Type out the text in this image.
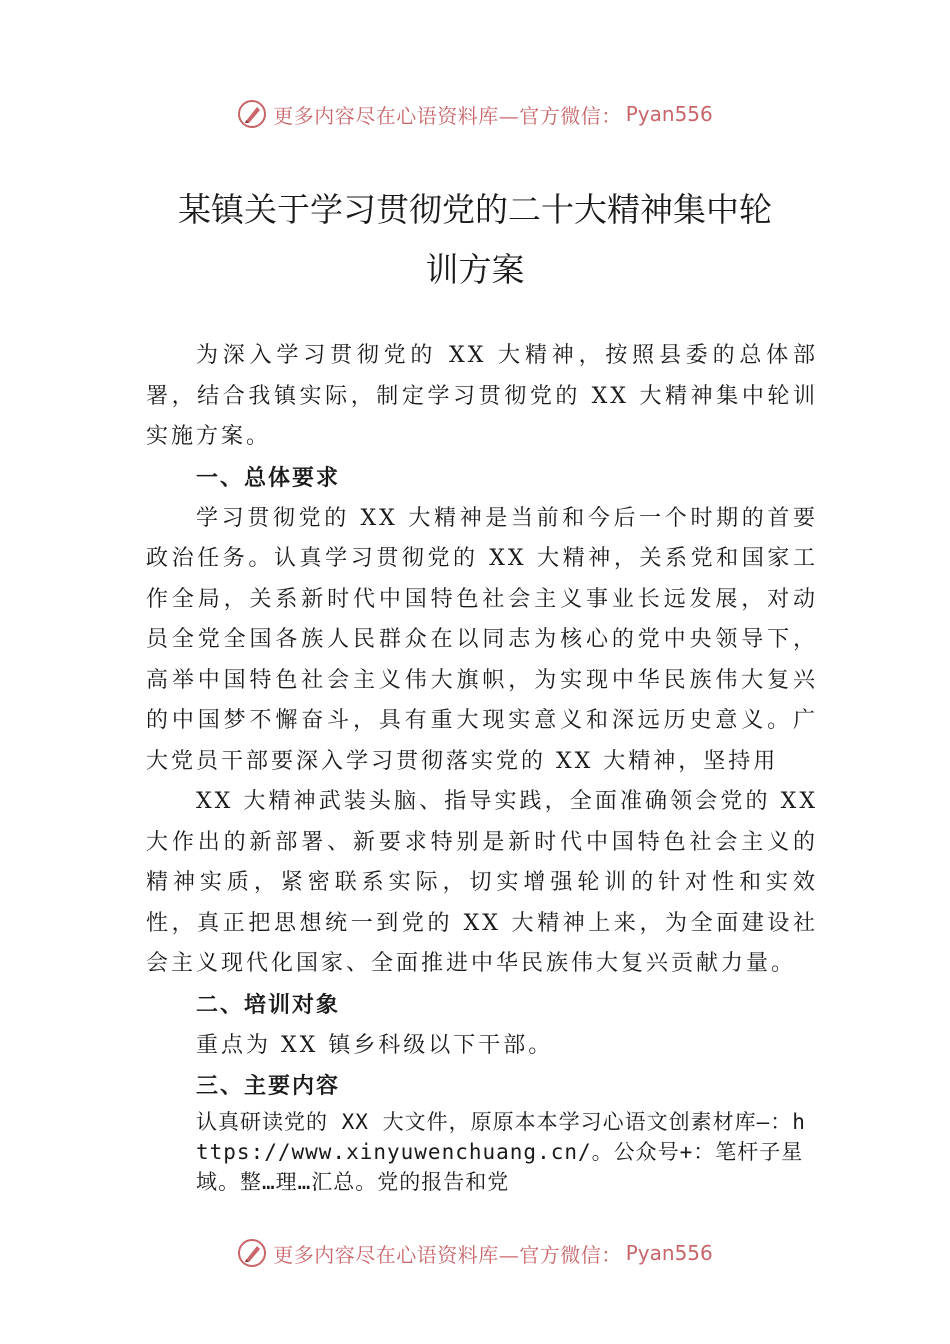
更多内容尽在心语资料库—官方微信： Pyan556
某镇关于学习贯彻党的二十大精神集中轮
训方案

为深入学习贯彻党的 XX 大精神，按照县委的总体部署，结合我镇实际，制定学习贯彻党的 XX 大精神集中轮训实施方案。

一、总体要求

学习贯彻党的 XX 大精神是当前和今后一个时期的首要政治任务。认真学习贯彻党的 XX 大精神，关系党和国家工作全局，关系新时代中国特色社会主义事业长远发展，对动员全党全国各族人民群众在以同志为核心的党中央领导下， 高举中国特色社会主义伟大旗帜，为实现中华民族伟大复兴的中国梦不懈奋斗，具有重大现实意义和深远历史意义。广大党员干部要深入学习贯彻落实党的 XX 大精神，坚持用

XX 大精神武装头脑、指导实践，全面准确领会党的 XX 大作出的新部署、新要求特别是新时代中国特色社会主义的精神实质，紧密联系实际，切实增强轮训的针对性和实效性，真正把思想统一到党的 XX 大精神上来，为全面建设社会主义现代化国家、全面推进中华民族伟大复兴贡献力量。

二、培训对象

重点为 XX 镇乡科级以下干部。

三、主要内容

认真研读党的 XX 大文件，原原本本学习心语文创素材库—：https://www.xinyuwenchuang.cn/。公众号+：笔杆子星域。整…理…汇总。党的报告和党

更多内容尽在心语资料库—官方微信： Pyan556
